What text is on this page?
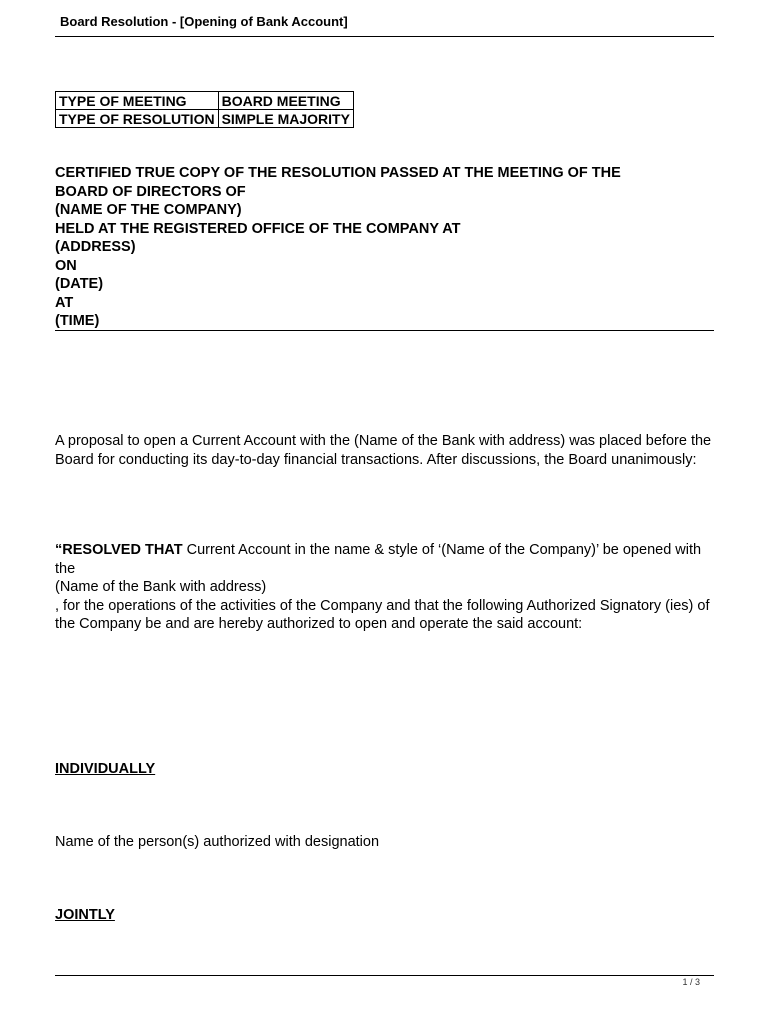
Board Resolution - [Opening of Bank Account]
TYPE OF MEETING	BOARD MEETING
TYPE OF RESOLUTION	SIMPLE MAJORITY
CERTIFIED TRUE COPY OF THE RESOLUTION PASSED AT THE MEETING OF THE
BOARD OF DIRECTORS OF
(NAME OF THE COMPANY)
HELD AT THE REGISTERED OFFICE OF THE COMPANY AT
(ADDRESS)
ON
(DATE)
AT
(TIME)
A proposal to open a Current Account with the (Name of the Bank with address) was placed before the Board for conducting its day-to-day financial transactions. After discussions, the Board unanimously:
“RESOLVED THAT Current Account in the name & style of ‘(Name of the Company)’ be opened with the
(Name of the Bank with address)
, for the operations of the activities of the Company and that the following Authorized Signatory (ies) of the Company be and are hereby authorized to open and operate the said account:
INDIVIDUALLY
Name of the person(s) authorized with designation
JOINTLY
1 / 3
